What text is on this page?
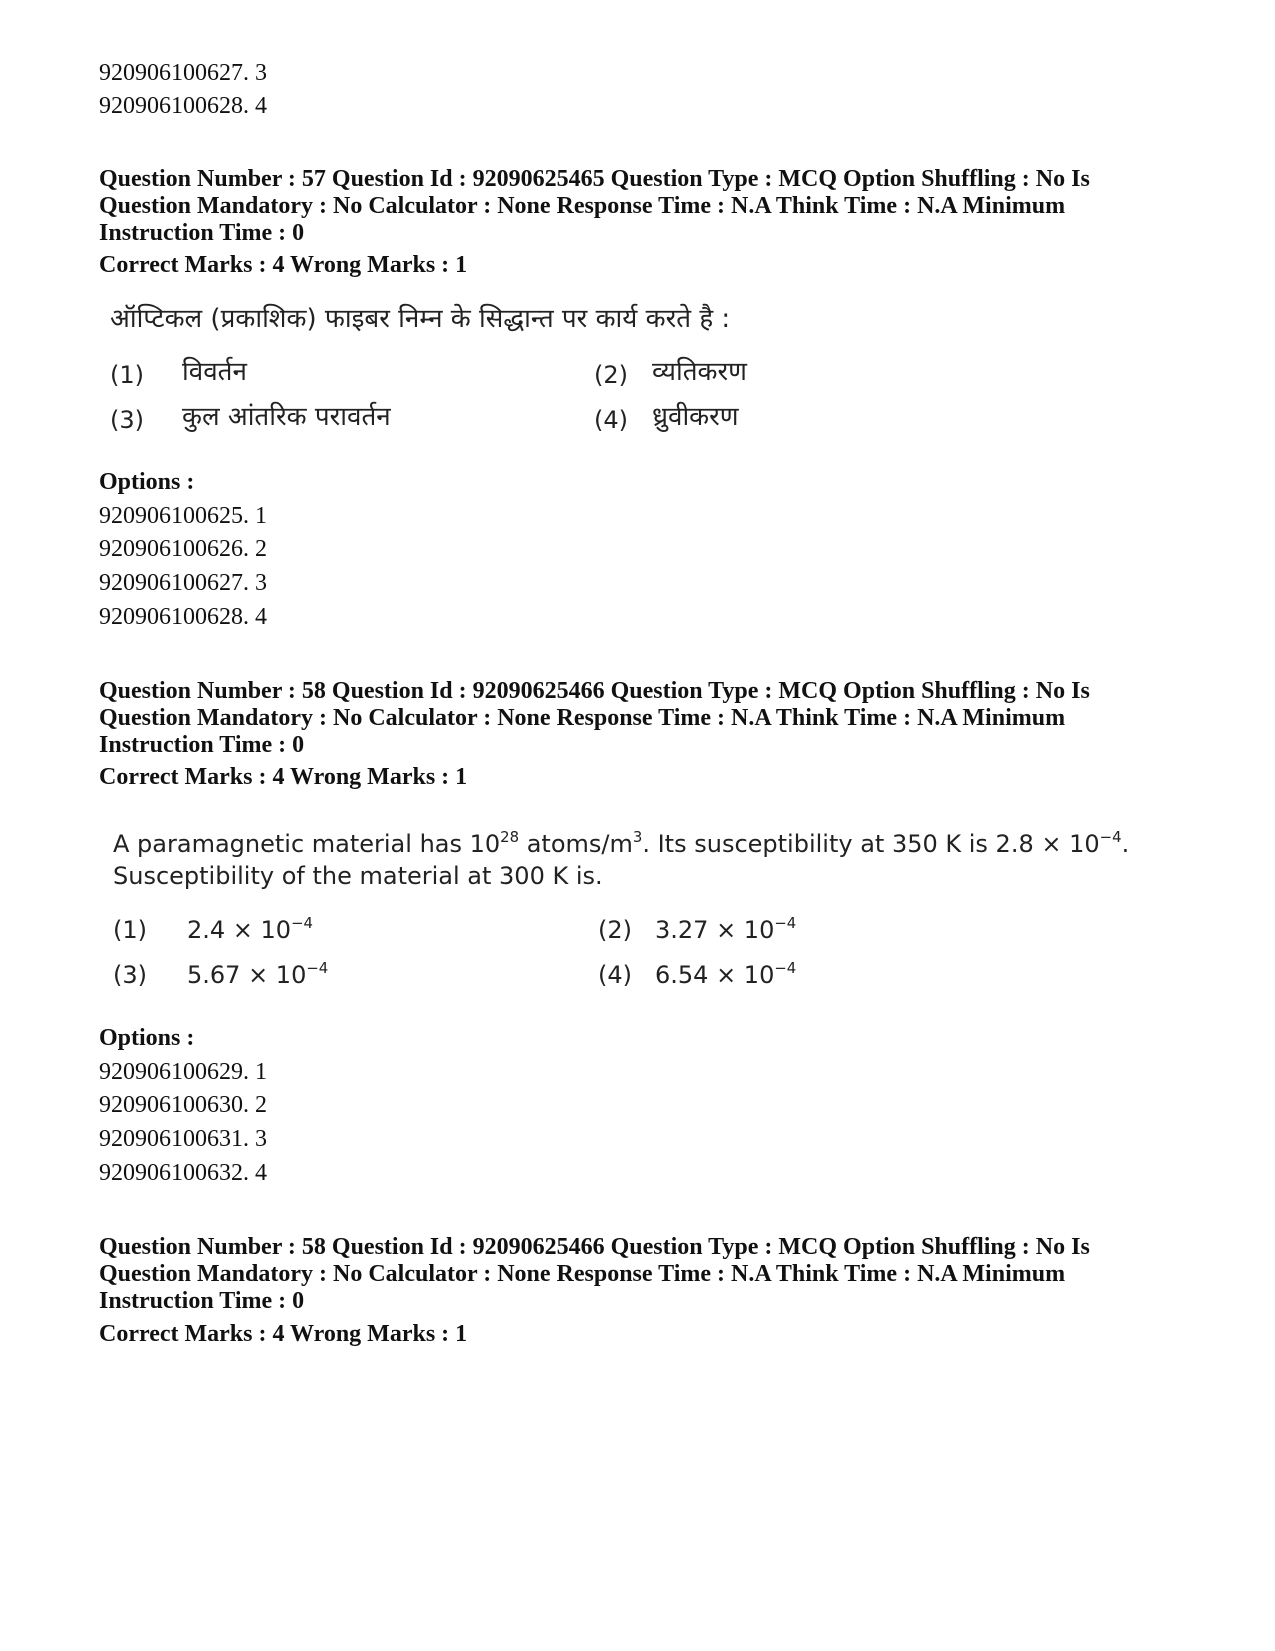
920906100627. 3
920906100628. 4
Question Number : 57 Question Id : 92090625465 Question Type : MCQ Option Shuffling : No Is
Question Mandatory : No Calculator : None Response Time : N.A Think Time : N.A Minimum
Instruction Time : 0
Correct Marks : 4 Wrong Marks : 1
ऑप्टिकल (प्रकाशिक) फाइबर निम्न के सिद्धान्त पर कार्य करते है :
(1) विवर्तन	(2) व्यतिकरण
(3) कुल आंतरिक परावर्तन	(4) ध्रुवीकरण
Options :
920906100625. 1
920906100626. 2
920906100627. 3
920906100628. 4
Question Number : 58 Question Id : 92090625466 Question Type : MCQ Option Shuffling : No Is
Question Mandatory : No Calculator : None Response Time : N.A Think Time : N.A Minimum
Instruction Time : 0
Correct Marks : 4 Wrong Marks : 1
A paramagnetic material has $10^{28}$ atoms/$m^3$. Its susceptibility at 350 K is $2.8 \times 10^{-4}$.
Susceptibility of the material at 300 K is.
(1) $2.4 \times 10^{-4}$	(2) $3.27 \times 10^{-4}$
(3) $5.67 \times 10^{-4}$	(4) $6.54 \times 10^{-4}$
Options :
920906100629. 1
920906100630. 2
920906100631. 3
920906100632. 4
Question Number : 58 Question Id : 92090625466 Question Type : MCQ Option Shuffling : No Is
Question Mandatory : No Calculator : None Response Time : N.A Think Time : N.A Minimum
Instruction Time : 0
Correct Marks : 4 Wrong Marks : 1
